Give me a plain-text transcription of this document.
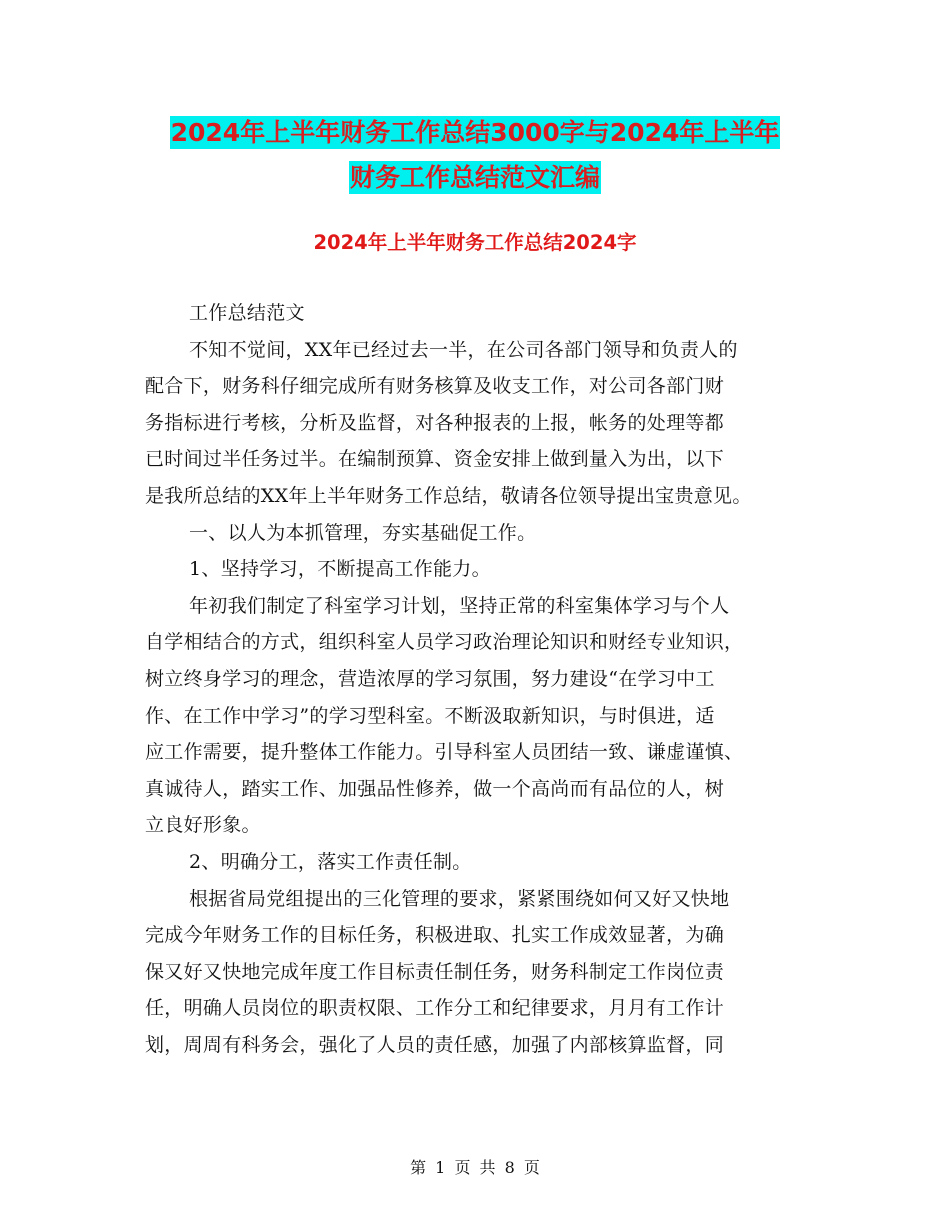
2024年上半年财务工作总结3000字与2024年上半年
财务工作总结范文汇编
2024年上半年财务工作总结2024字
工作总结范文
不知不觉间，XX年已经过去一半，在公司各部门领导和负责人的
配合下，财务科仔细完成所有财务核算及收支工作，对公司各部门财
务指标进行考核，分析及监督，对各种报表的上报，帐务的处理等都
已时间过半任务过半。在编制预算、资金安排上做到量入为出，以下
是我所总结的XX年上半年财务工作总结，敬请各位领导提出宝贵意见。
一、以人为本抓管理，夯实基础促工作。
1、坚持学习，不断提高工作能力。
年初我们制定了科室学习计划，坚持正常的科室集体学习与个人
自学相结合的方式，组织科室人员学习政治理论知识和财经专业知识，
树立终身学习的理念，营造浓厚的学习氛围，努力建设“在学习中工
作、在工作中学习”的学习型科室。不断汲取新知识，与时俱进，适
应工作需要，提升整体工作能力。引导科室人员团结一致、谦虚谨慎、
真诚待人，踏实工作、加强品性修养，做一个高尚而有品位的人，树
立良好形象。
2、明确分工，落实工作责任制。
根据省局党组提出的三化管理的要求，紧紧围绕如何又好又快地
完成今年财务工作的目标任务，积极进取、扎实工作成效显著，为确
保又好又快地完成年度工作目标责任制任务，财务科制定工作岗位责
任，明确人员岗位的职责权限、工作分工和纪律要求，月月有工作计
划，周周有科务会，强化了人员的责任感，加强了内部核算监督，同
第 1 页 共 8 页
